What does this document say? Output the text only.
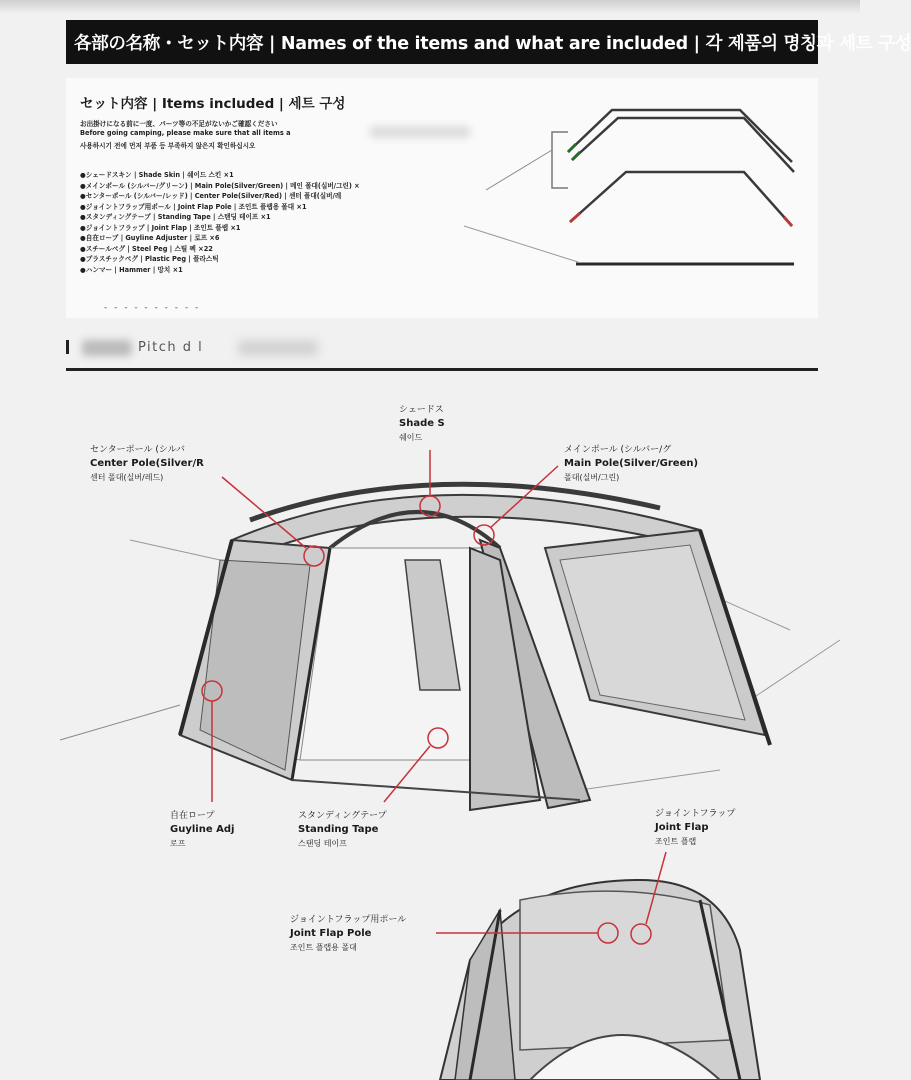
各部の名称・セット内容 | Names of the items and what are included | 각 제품의 명칭과 세트 구성
セット内容 | Items included | 세트 구성
お出掛けになる前に一度、パーツ等の不足がないかご確認ください
Before going camping, please make sure that all items a
사용하시기 전에 먼저 부품 등 부족하지 않은지 확인하십시오
●シェードスキン | Shade Skin | 쉐이드 스킨 ×1
●メインポール (シルバー/グリーン) | Main Pole(Silver/Green) | 메인 폴대(실버/그린) ×
●センターポール (シルバー/レッド) | Center Pole(Silver/Red) | 센터 폴대(실버/레
●ジョイントフラップ用ポール | Joint Flap Pole | 조인트 플랩용 폴대 ×1
●スタンディングテープ | Standing Tape | 스탠딩 테이프 ×1
●ジョイントフラップ | Joint Flap | 조인트 플랩 ×1
●自在ロープ | Guyline Adjuster | 로프 ×6
●スチールペグ | Steel Peg | 스틸 펙 ×22
●プラスチックペグ | Plastic Peg | 플라스틱
●ハンマー | Hammer | 망치 ×1
- - - - - - - - - -
Pitch d l
シェードス
Shade S
쉐이드
センターポール (シルバ
Center Pole(Silver/R
센터 폴대(실버/레드)
メインポール (シルバー/グ
Main Pole(Silver/Green)
폴대(실버/그린)
自在ロープ
Guyline Adj
로프
スタンディングテープ
Standing Tape
스탠딩 테이프
ジョイントフラップ
Joint Flap
조인트 플랩
ジョイントフラップ用ポール
Joint Flap Pole
조인트 플랩용 폴대
